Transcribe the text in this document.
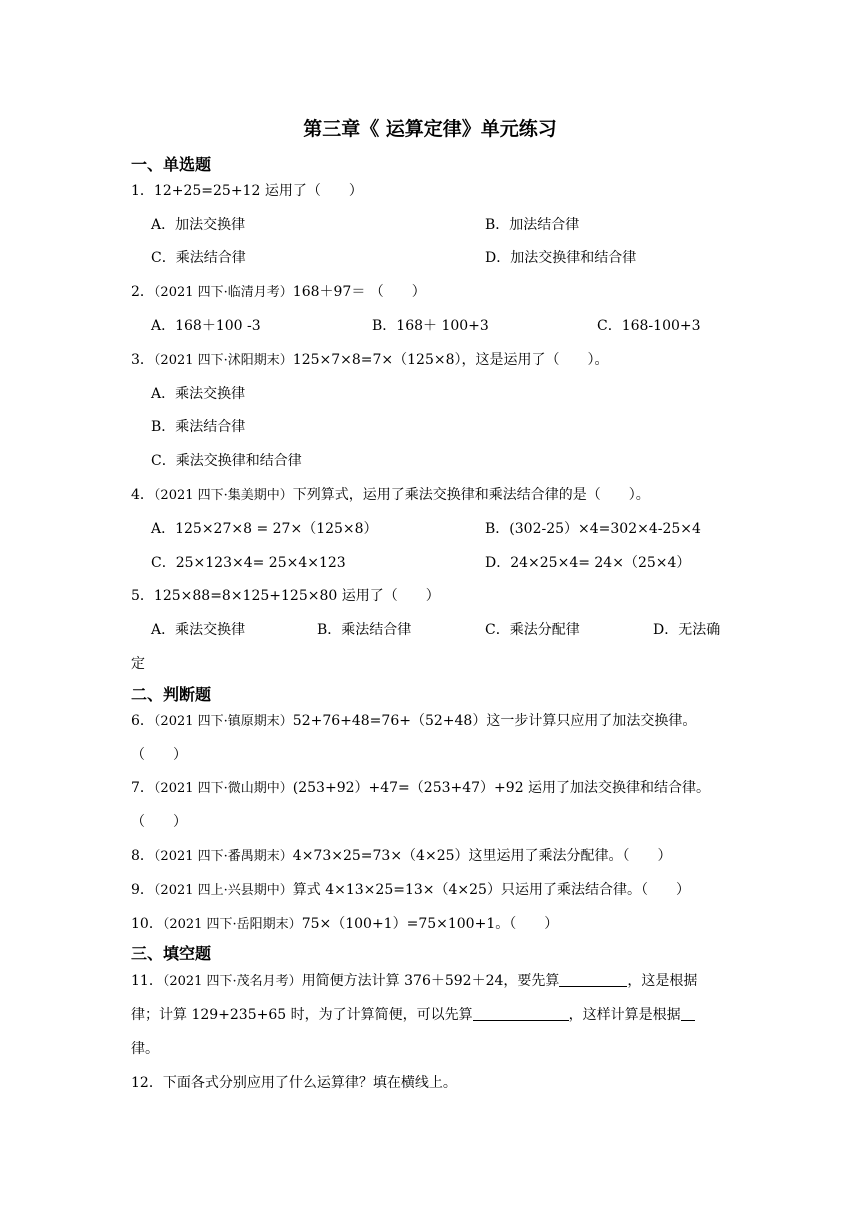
第三章《 运算定律》单元练习
一、单选题
1．12+25=25+12 运用了（　　）
A．加法交换律	B．加法结合律
C．乘法结合律	D．加法交换律和结合律
2．（2021 四下·临清月考）168＋97＝ （　　）
A．168＋100 -3	B．168＋ 100+3	C．168-100+3
3．（2021 四下·沭阳期末）125×7×8=7×（125×8），这是运用了（　　）。
A．乘法交换律
B．乘法结合律
C．乘法交换律和结合律
4．（2021 四下·集美期中）下列算式，运用了乘法交换律和乘法结合律的是（　　）。
A．125×27×8 = 27×（125×8）	B．(302-25）×4=302×4-25×4
C．25×123×4= 25×4×123	D．24×25×4= 24×（25×4）
5．125×88=8×125+125×80 运用了（　　）
A．乘法交换律	B．乘法结合律	C．乘法分配律	D．无法确
定
二、判断题
6．（2021 四下·镇原期末）52+76+48=76+（52+48）这一步计算只应用了加法交换律。
（　　）
7．（2021 四下·微山期中）(253+92）+47=（253+47）+92 运用了加法交换律和结合律。
（　　）
8．（2021 四下·番禺期末）4×73×25=73×（4×25）这里运用了乘法分配律。（　　）
9．（2021 四上·兴县期中）算式 4×13×25=13×（4×25）只运用了乘法结合律。（　　）
10．（2021 四下·岳阳期末）75×（100+1）=75×100+1。（　　）
三、填空题
11．（2021 四下·茂名月考）用简便方法计算 376＋592＋24，要先算	，这是根据
律；计算 129+235+65 时，为了计算简便，可以先算	，这样计算是根据
律。
12．下面各式分别应用了什么运算律？填在横线上。
